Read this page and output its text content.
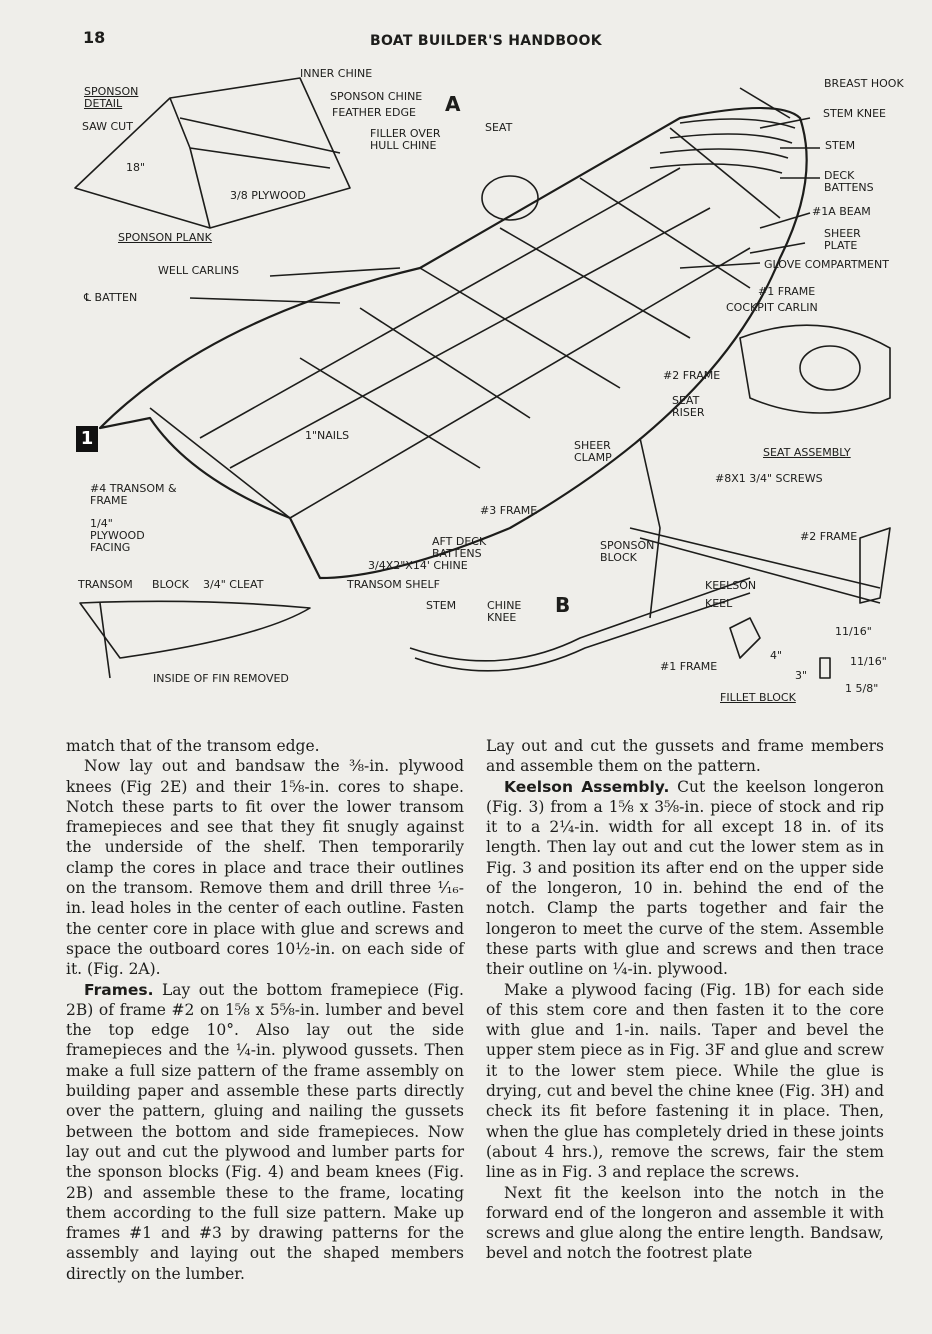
18	BOAT BUILDER'S HANDBOOK
A
B
1
SPONSON DETAIL
INNER CHINE
SPONSON CHINE
FEATHER EDGE
SAW CUT
FILLER OVER
HULL CHINE
18"
3/8 PLYWOOD
SPONSON PLANK
SEAT
BREAST HOOK
STEM KNEE
STEM
DECK BATTENS
#1A BEAM
SHEER PLATE
GLOVE COMPARTMENT
WELL CARLINS
℄ BATTEN	#1 FRAME
COCKPIT CARLIN
#2 FRAME
SEAT RISER
SEAT ASSEMBLY
1"NAILS
SHEER CLAMP
#4 TRANSOM & FRAME
#3 FRAME
#8X1 3/4" SCREWS
1/4" PLYWOOD FACING	AFT DECK BATTENS
SPONSON BLOCK
#2 FRAME
3/4X2"X14' CHINE
TRANSOM SHELF
TRANSOM BLOCK 3/4" CLEAT
STEM	CHINE KNEE
KEELSON
KEEL
INSIDE OF FIN REMOVED
#1 FRAME
FILLET BLOCK
4"
3"
11/16"
11/16"
1 5/8"

match that of the transom edge.

Now lay out and bandsaw the ⅜-in. plywood knees (Fig 2E) and their 1⅝-in. cores to shape. Notch these parts to fit over the lower transom framepieces and see that they fit snugly against the underside of the shelf. Then temporarily clamp the cores in place and trace their outlines on the transom. Remove them and drill three ¹⁄₁₆-in. lead holes in the center of each outline. Fasten the center core in place with glue and screws and space the outboard cores 10½-in. on each side of it. (Fig. 2A).

Frames. Lay out the bottom framepiece (Fig. 2B) of frame #2 on 1⅝ x 5⅝-in. lumber and bevel the top edge 10°. Also lay out the side framepieces and the ¼-in. plywood gussets. Then make a full size pattern of the frame assembly on building paper and assemble these parts directly over the pattern, gluing and nailing the gussets between the bottom and side framepieces. Now lay out and cut the plywood and lumber parts for the sponson blocks (Fig. 4) and beam knees (Fig. 2B) and assemble these to the frame, locating them according to the full size pattern. Make up frames #1 and #3 by drawing patterns for the assembly and laying out the shaped members directly on the lumber.

Lay out and cut the gussets and frame members and assemble them on the pattern.

Keelson Assembly. Cut the keelson longeron (Fig. 3) from a 1⅝ x 3⅝-in. piece of stock and rip it to a 2¼-in. width for all except 18 in. of its length. Then lay out and cut the lower stem as in Fig. 3 and position its after end on the upper side of the longeron, 10 in. behind the end of the notch. Clamp the parts together and fair the longeron to meet the curve of the stem. Assemble these parts with glue and screws and then trace their outline on ¼-in. plywood.

Make a plywood facing (Fig. 1B) for each side of this stem core and then fasten it to the core with glue and 1-in. nails. Taper and bevel the upper stem piece as in Fig. 3F and glue and screw it to the lower stem piece. While the glue is drying, cut and bevel the chine knee (Fig. 3H) and check its fit before fastening it in place. Then, when the glue has completely dried in these joints (about 4 hrs.), remove the screws, fair the stem line as in Fig. 3 and replace the screws.

Next fit the keelson into the notch in the forward end of the longeron and assemble it with screws and glue along the entire length. Bandsaw, bevel and notch the footrest plate
